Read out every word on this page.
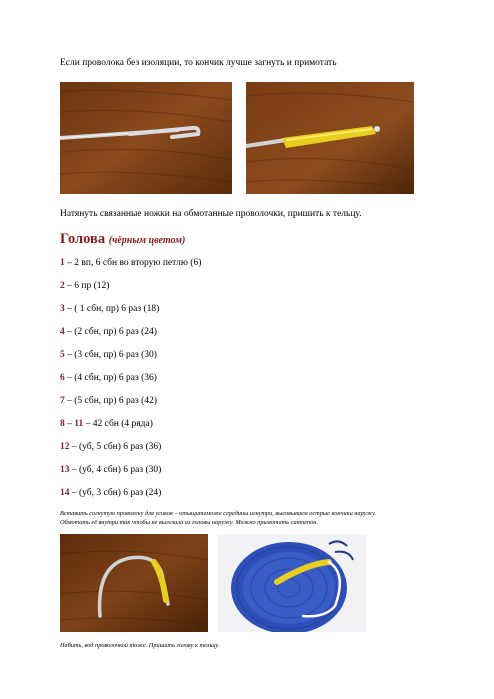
Если проволока без изоляции, то кончик лучше загнуть и примотать
Натянуть связанные ножки на обмотанные проволочки, пришить к тельцу.
Голова (чёрным цветом)
1 – 2 вп, 6 сбн во вторую петлю (6)
2 – 6 пр (12)
3 – ( 1 сбн, пр) 6 раз (18)
4 – (2 сбн, пр) 6 раз (24)
5 – (3 сбн, пр) 6 раз (30)
6 – (4 сбн, пр) 6 раз (36)
7 – (5 сбн, пр) 6 раз (42)
8 – 11 – 42 сбн (4 ряда)
12 – (уб, 5 сбн) 6 раз (36)
13 – (уб, 4 сбн) 6 раз (30)
14 – (уб, 3 сбн) 6 раз (24)
Вставить согнутую проволоку для усиков – отыщитеможе середины игнутри, высовываем острые кончики наружу.
Обмотать её внутри так чтобы не вылезала из головы наружу. Можно примотать синтепон.
Набить, вод проволочкой тоже. Пришить голову к тельцу.
